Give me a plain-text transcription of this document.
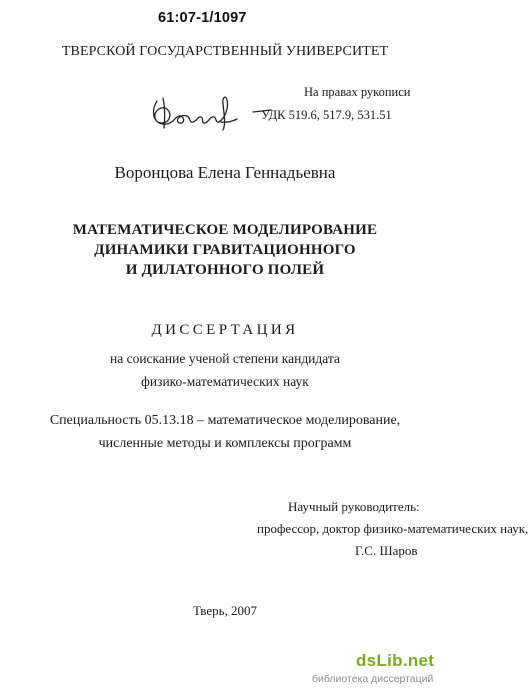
61:07-1/1097
ТВЕРСКОЙ ГОСУДАРСТВЕННЫЙ УНИВЕРСИТЕТ
На правах рукописи
УДК 519.6, 517.9, 531.51
Воронцова Елена Геннадьевна
МАТЕМАТИЧЕСКОЕ МОДЕЛИРОВАНИЕ
ДИНАМИКИ ГРАВИТАЦИОННОГО
И ДИЛАТОННОГО ПОЛЕЙ
ДИССЕРТАЦИЯ
на соискание ученой степени кандидата
физико-математических наук
Специальность 05.13.18 – математическое моделирование,
численные методы и комплексы программ
Научный руководитель:
профессор, доктор физико-математических наук,
Г.С. Шаров
Тверь, 2007
dsLib.net
библиотека диссертаций
